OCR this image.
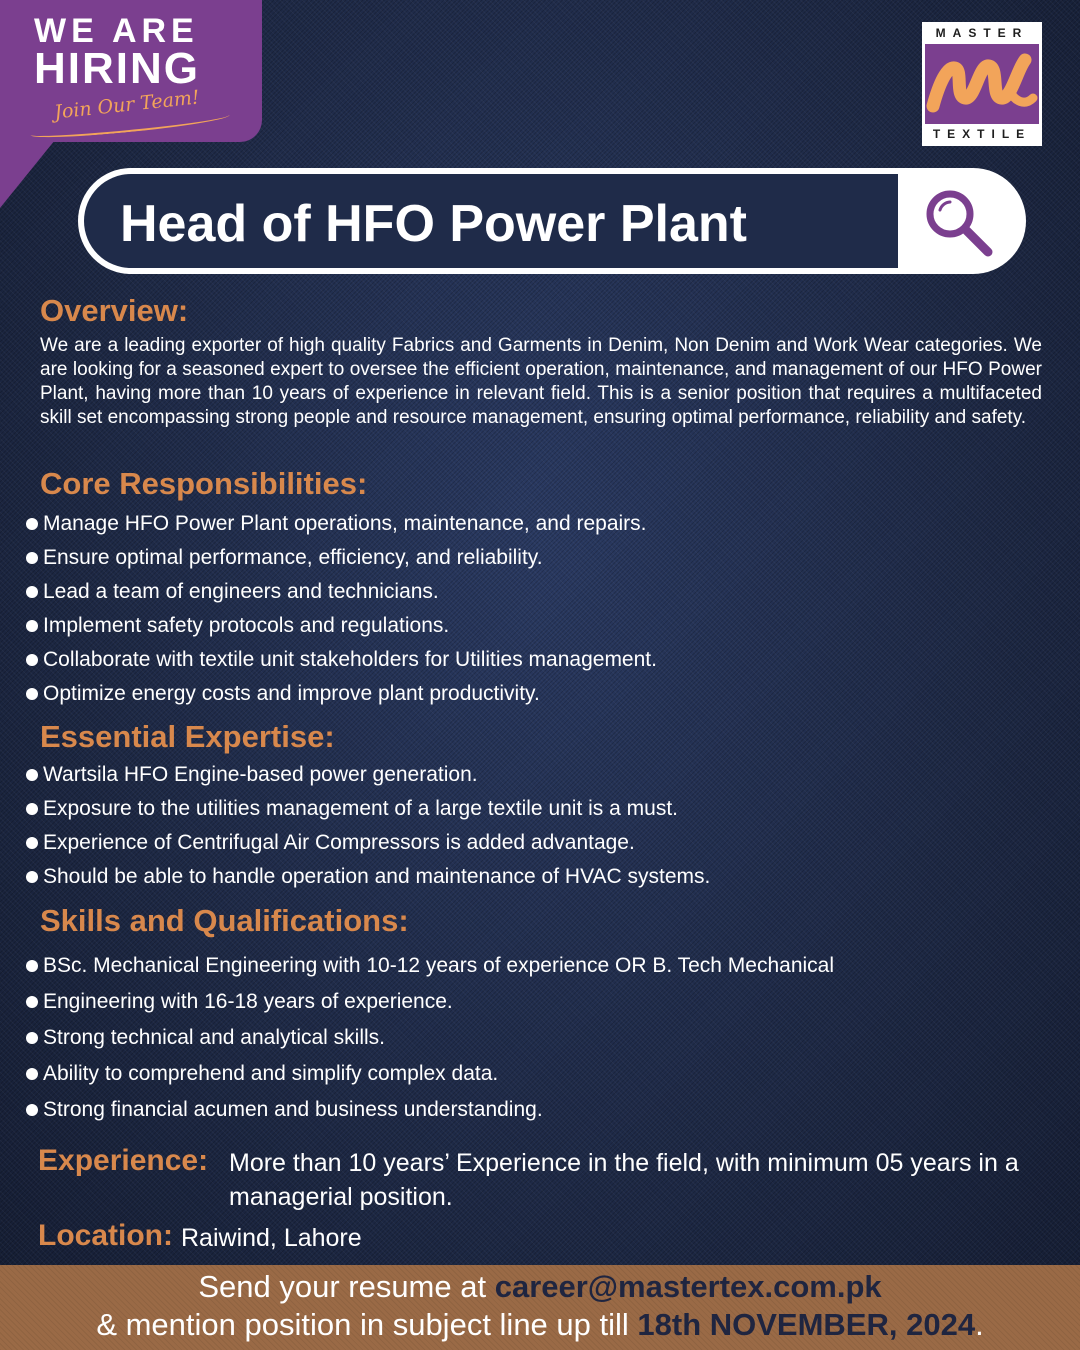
WE ARE
HIRING
Join Our Team!
MASTER
TEXTILE
Head of HFO Power Plant
Overview:
We are a leading exporter of high quality Fabrics and Garments in Denim, Non Denim and Work Wear categories. We are looking for a seasoned expert to oversee the efficient operation, maintenance, and management of our HFO Power Plant, having more than 10 years of experience in relevant field. This is a senior position that requires a multifaceted skill set encompassing strong people and resource management, ensuring optimal performance, reliability and safety.
Core Responsibilities:
Manage HFO Power Plant operations, maintenance, and repairs.
Ensure optimal performance, efficiency, and reliability.
Lead a team of engineers and technicians.
Implement safety protocols and regulations.
Collaborate with textile unit stakeholders for Utilities management.
Optimize energy costs and improve plant productivity.
Essential Expertise:
Wartsila HFO Engine-based power generation.
Exposure to the utilities management of a large textile unit is a must.
Experience of Centrifugal Air Compressors is added advantage.
Should be able to handle operation and maintenance of HVAC systems.
Skills and Qualifications:
BSc. Mechanical Engineering with 10-12 years of experience OR B. Tech Mechanical
Engineering with 16-18 years of experience.
Strong technical and analytical skills.
Ability to comprehend and simplify complex data.
Strong financial acumen and business understanding.
Experience: More than 10 years’ Experience in the field, with minimum 05 years in a managerial position.
Location: Raiwind, Lahore
Send your resume at career@mastertex.com.pk
& mention position in subject line up till 18th NOVEMBER, 2024.
